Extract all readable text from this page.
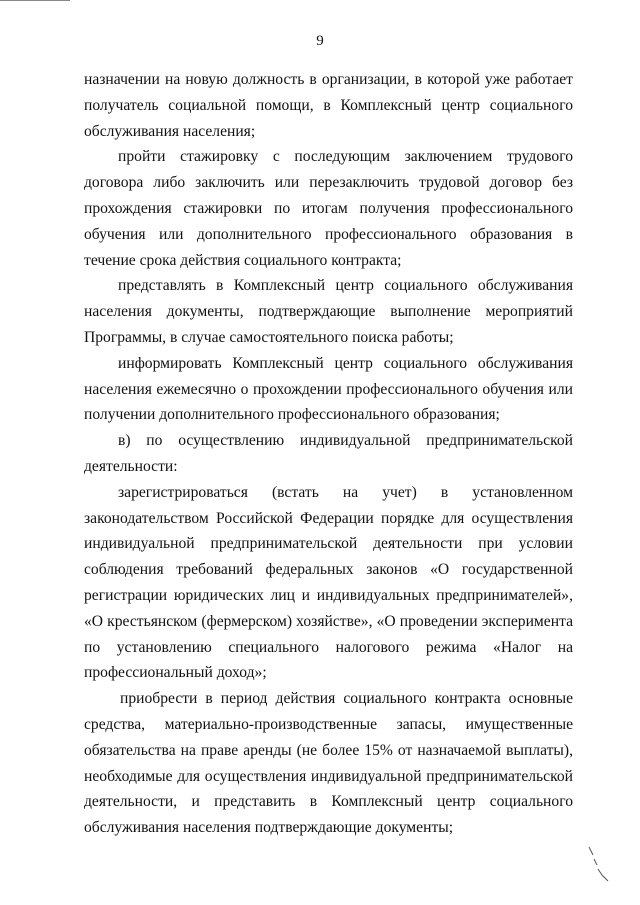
9

назначении на новую должность в организации, в которой уже работает получатель социальной помощи, в Комплексный центр социального обслуживания населения;

пройти стажировку с последующим заключением трудового договора либо заключить или перезаключить трудовой договор без прохождения стажировки по итогам получения профессионального обучения или дополнительного профессионального образования в течение срока действия социального контракта;

представлять в Комплексный центр социального обслуживания населения документы, подтверждающие выполнение мероприятий Программы, в случае самостоятельного поиска работы;

информировать Комплексный центр социального обслуживания населения ежемесячно о прохождении профессионального обучения или получении дополнительного профессионального образования;

в) по осуществлению индивидуальной предпринимательской деятельности:

зарегистрироваться (встать на учет) в установленном законодательством Российской Федерации порядке для осуществления индивидуальной предпринимательской деятельности при условии соблюдения требований федеральных законов «О государственной регистрации юридических лиц и индивидуальных предпринимателей», «О крестьянском (фермерском) хозяйстве», «О проведении эксперимента по установлению специального налогового режима «Налог на профессиональный доход»;

приобрести в период действия социального контракта основные средства, материально-производственные запасы, имущественные обязательства на праве аренды (не более 15% от назначаемой выплаты), необходимые для осуществления индивидуальной предпринимательской деятельности, и представить в Комплексный центр социального обслуживания населения подтверждающие документы;
